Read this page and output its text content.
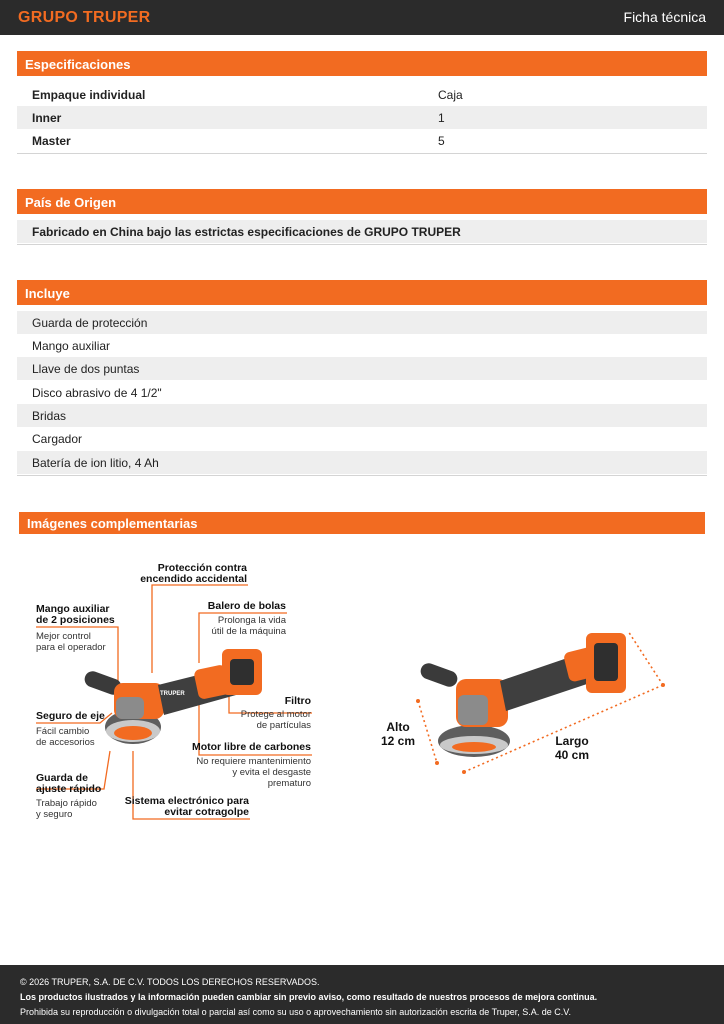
GRUPO TRUPER	Ficha técnica
Especificaciones
Empaque individual	Caja
Inner	1
Master	5
País de Origen
Fabricado en China bajo las estrictas especificaciones de GRUPO TRUPER
Incluye
Guarda de protección
Mango auxiliar
Llave de dos puntas
Disco abrasivo de 4 1/2"
Bridas
Cargador
Batería de ion litio, 4 Ah
Imágenes complementarias
TRUPER
Protección contra
encendido accidental
Mango auxiliar
de 2 posiciones
Mejor control
para el operador
Balero de bolas
Prolonga la vida
útil de la máquina
Filtro
Protege al motor
de partículas
Seguro de eje
Fácil cambio
de accesorios	Motor libre de carbones
No requiere mantenimiento
y evita el desgaste
prematuro
Guarda de
ajuste rápido
Trabajo rápido
y seguro
Sistema electrónico para
evitar cotragolpe
Alto
12 cm	Largo
40 cm
© 2026 TRUPER, S.A. DE C.V. TODOS LOS DERECHOS RESERVADOS.
Los productos ilustrados y la información pueden cambiar sin previo aviso, como resultado de nuestros procesos de mejora continua.
Prohibida su reproducción o divulgación total o parcial así como su uso o aprovechamiento sin autorización escrita de Truper, S.A. de C.V.
